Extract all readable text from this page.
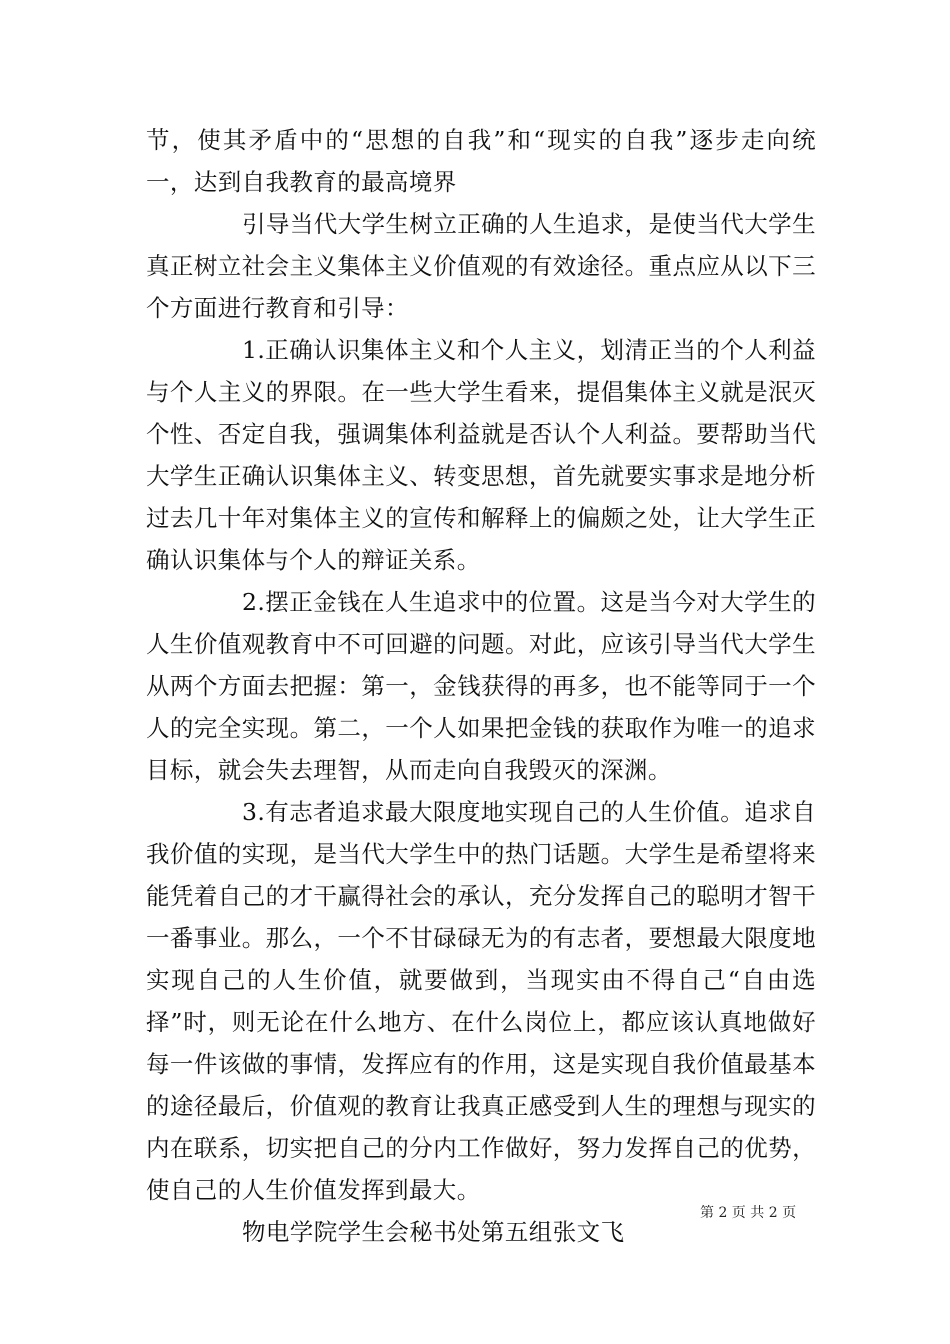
节，使其矛盾中的“思想的自我”和“现实的自我”逐步走向统一，达到自我教育的最高境界

引导当代大学生树立正确的人生追求，是使当代大学生真正树立社会主义集体主义价值观的有效途径。重点应从以下三个方面进行教育和引导：

1.正确认识集体主义和个人主义，划清正当的个人利益与个人主义的界限。在一些大学生看来，提倡集体主义就是泯灭个性、否定自我，强调集体利益就是否认个人利益。要帮助当代大学生正确认识集体主义、转变思想，首先就要实事求是地分析过去几十年对集体主义的宣传和解释上的偏颇之处，让大学生正确认识集体与个人的辩证关系。

2.摆正金钱在人生追求中的位置。这是当今对大学生的人生价值观教育中不可回避的问题。对此，应该引导当代大学生从两个方面去把握：第一，金钱获得的再多，也不能等同于一个人的完全实现。第二，一个人如果把金钱的获取作为唯一的追求目标，就会失去理智，从而走向自我毁灭的深渊。

3.有志者追求最大限度地实现自己的人生价值。追求自我价值的实现，是当代大学生中的热门话题。大学生是希望将来能凭着自己的才干赢得社会的承认，充分发挥自己的聪明才智干一番事业。那么，一个不甘碌碌无为的有志者，要想最大限度地实现自己的人生价值，就要做到，当现实由不得自己“自由选择”时，则无论在什么地方、在什么岗位上，都应该认真地做好每一件该做的事情，发挥应有的作用，这是实现自我价值最基本的途径最后，价值观的教育让我真正感受到人生的理想与现实的内在联系，切实把自己的分内工作做好，努力发挥自己的优势，使自己的人生价值发挥到最大。

物电学院学生会秘书处第五组张文飞

第 2 页 共 2 页
